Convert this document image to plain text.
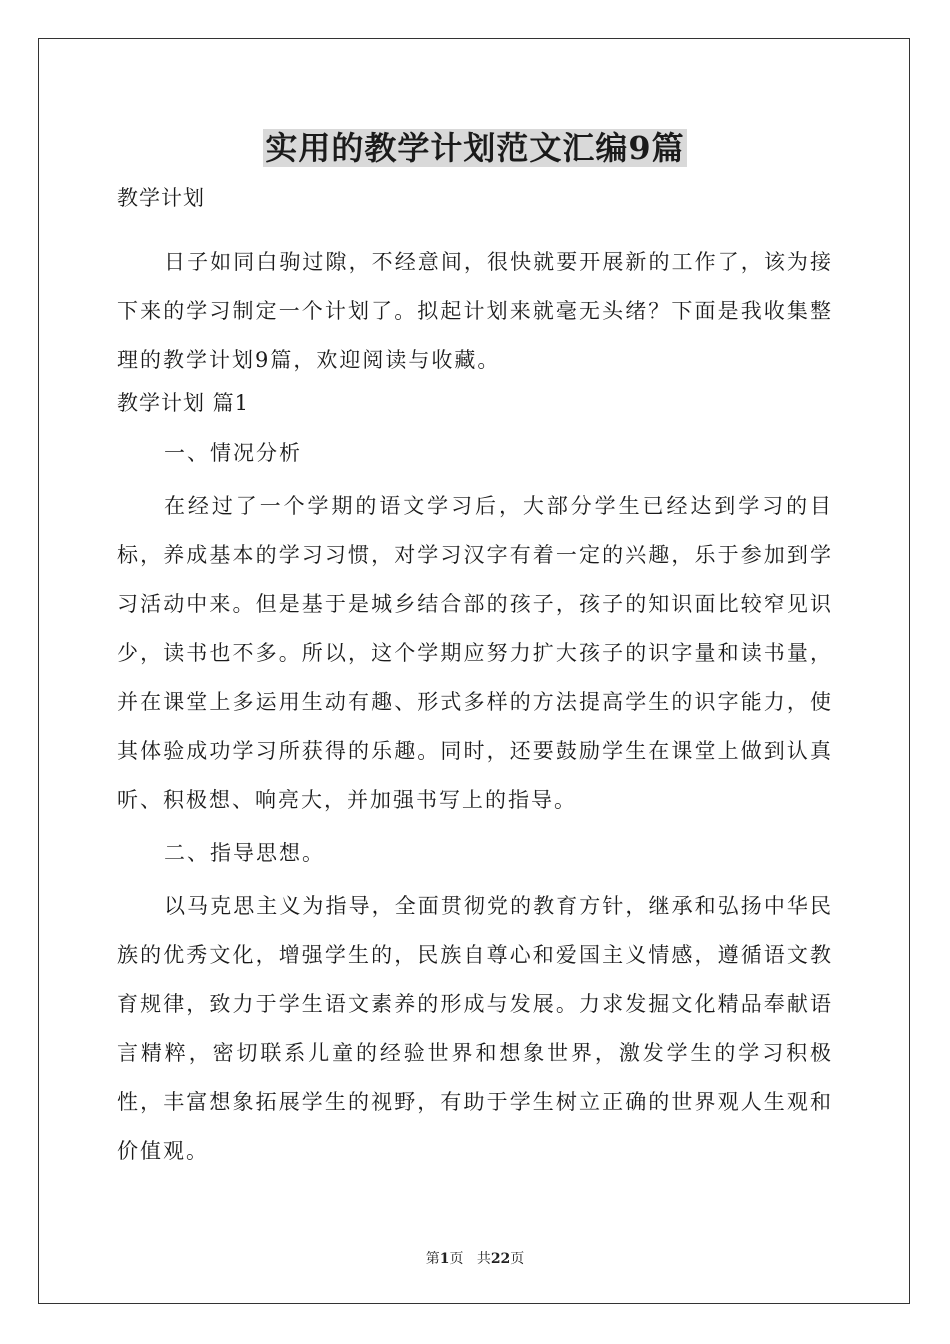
实用的教学计划范文汇编9篇
教学计划

日子如同白驹过隙，不经意间，很快就要开展新的工作了，该为接下来的学习制定一个计划了。拟起计划来就毫无头绪？下面是我收集整理的教学计划9篇，欢迎阅读与收藏。

教学计划 篇1

一、情况分析

在经过了一个学期的语文学习后，大部分学生已经达到学习的目标，养成基本的学习习惯，对学习汉字有着一定的兴趣，乐于参加到学习活动中来。但是基于是城乡结合部的孩子，孩子的知识面比较窄见识少，读书也不多。所以，这个学期应努力扩大孩子的识字量和读书量，并在课堂上多运用生动有趣、形式多样的方法提高学生的识字能力，使其体验成功学习所获得的乐趣。同时，还要鼓励学生在课堂上做到认真听、积极想、响亮大，并加强书写上的指导。

二、指导思想。

以马克思主义为指导，全面贯彻党的教育方针，继承和弘扬中华民族的优秀文化，增强学生的，民族自尊心和爱国主义情感，遵循语文教育规律，致力于学生语文素养的形成与发展。力求发掘文化精品奉献语言精粹，密切联系儿童的经验世界和想象世界，激发学生的学习积极性，丰富想象拓展学生的视野，有助于学生树立正确的世界观人生观和价值观。

第1页 共22页
